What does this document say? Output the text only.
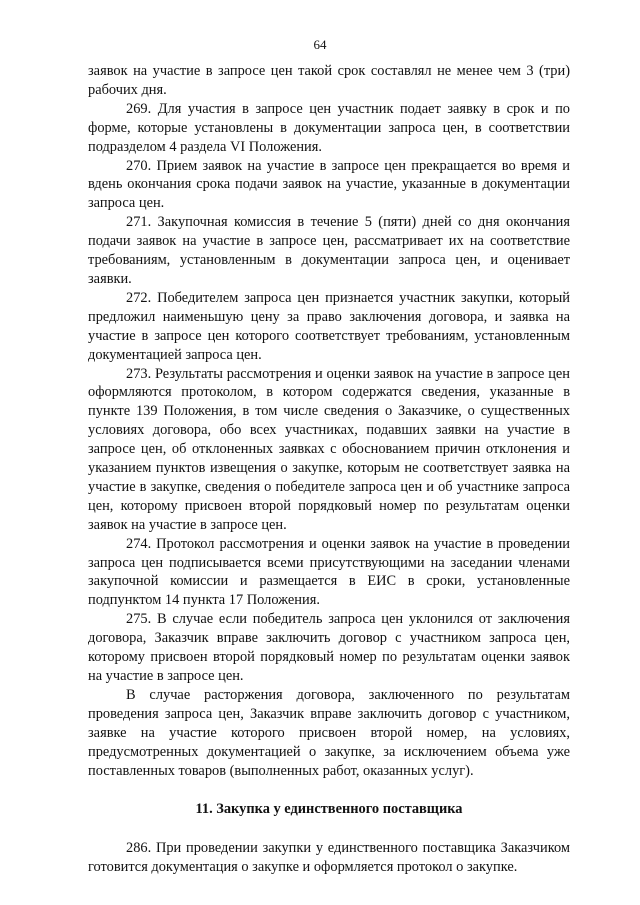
64

заявок на участие в запросе цен такой срок составлял не менее чем 3 (три) рабочих дня.

269. Для участия в запросе цен участник подает заявку в срок и по форме, которые установлены в документации запроса цен, в соответствии подразделом 4 раздела VI Положения.

270. Прием заявок на участие в запросе цен прекращается во время и вдень окончания срока подачи заявок на участие, указанные в документации запроса цен.

271. Закупочная комиссия в течение 5 (пяти) дней со дня окончания подачи заявок на участие в запросе цен, рассматривает их на соответствие требованиям, установленным в документации запроса цен, и оценивает заявки.

272. Победителем запроса цен признается участник закупки, который предложил наименьшую цену за право заключения договора, и заявка на участие в запросе цен которого соответствует требованиям, установленным документацией запроса цен.

273. Результаты рассмотрения и оценки заявок на участие в запросе цен оформляются протоколом, в котором содержатся сведения, указанные в пункте 139 Положения, в том числе сведения о Заказчике, о существенных условиях договора, обо всех участниках, подавших заявки на участие в запросе цен, об отклоненных заявках с обоснованием причин отклонения и указанием пунктов извещения о закупке, которым не соответствует заявка на участие в закупке, сведения о победителе запроса цен и об участнике запроса цен, которому присвоен второй порядковый номер по результатам оценки заявок на участие в запросе цен.

274. Протокол рассмотрения и оценки заявок на участие в проведении запроса цен подписывается всеми присутствующими на заседании членами закупочной комиссии и размещается в ЕИС в сроки, установленные подпунктом 14 пункта 17 Положения.

275. В случае если победитель запроса цен уклонился от заключения договора, Заказчик вправе заключить договор с участником запроса цен, которому присвоен второй порядковый номер по результатам оценки заявок на участие в запросе цен.

В случае расторжения договора, заключенного по результатам проведения запроса цен, Заказчик вправе заключить договор с участником, заявке на участие которого присвоен второй номер, на условиях, предусмотренных документацией о закупке, за исключением объема уже поставленных товаров (выполненных работ, оказанных услуг).

11. Закупка у единственного поставщика

286. При проведении закупки у единственного поставщика Заказчиком готовится документация о закупке и оформляется протокол о закупке.
